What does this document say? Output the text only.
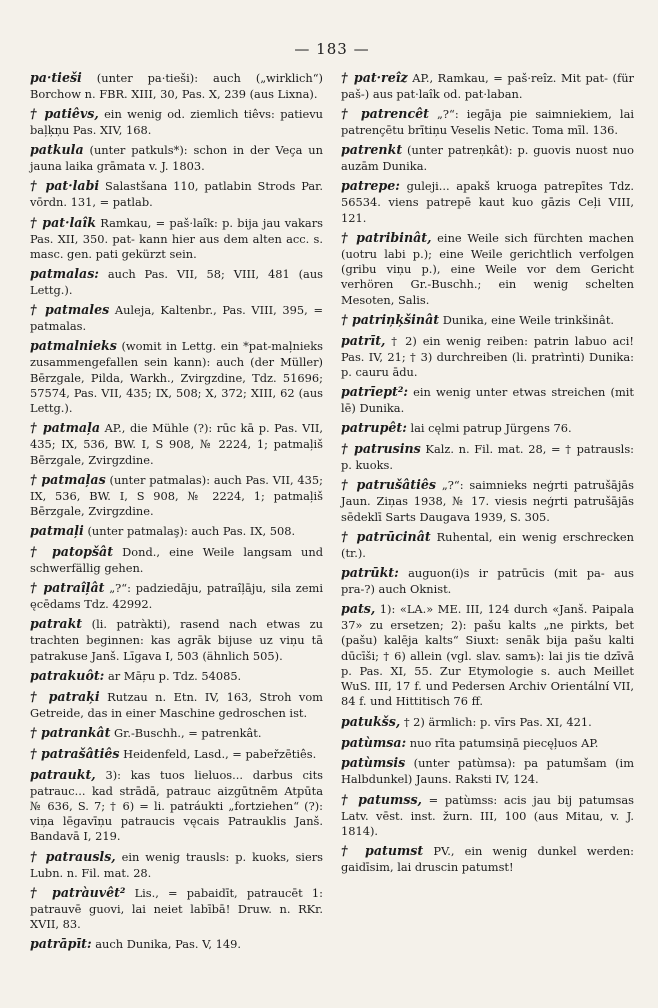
— 183 —

pa·tieši (unter pa·tieši): auch („wirklich“) Borchow n. FBR. XIII, 30, Pas. X, 239 (aus Lixna).

† patiêvs, ein wenig od. ziemlich tiêvs: patievu bal̦k̦ņu Pas. XIV, 168.

patkula (unter patkuls*): schon in der Veça un jauna laika grāmata v. J. 1803.

† pat·labi Salastšana 110, patlabin Strods Par. vōrdn. 131, = patlab.

† pat·laîk Ramkau, = paš·laîk: p. bija jau vakars Pas. XII, 350. pat- kann hier aus dem alten acc. s. masc. gen. pati gekürzt sein.

patmalas: auch Pas. VII, 58; VIII, 481 (aus Lettg.).

† patmales Auleja, Kaltenbr., Pas. VIII, 395, = patmalas.

patmalnieks (womit in Lettg. ein *pat-mal̦nieks zusammengefallen sein kann): auch (der Müller) Bērzgale, Pilda, Warkh., Zvirgzdine, Tdz. 51696; 57574, Pas. VII, 435; IX, 508; X, 372; XIII, 62 (aus Lettg.).

† patmal̦a AP., die Mühle (?): rūc kā p. Pas. VII, 435; IX, 536, BW. I, S 908, № 2224, 1; patmal̦iš Bērzgale, Zvirgzdine.

† patmal̦as (unter patmalas): auch Pas. VII, 435; IX, 536, BW. I, S 908, № 2224, 1; patmal̦iš Bērzgale, Zvirgzdine.

patmal̦i (unter patmalaş): auch Pas. IX, 508.

† patopšât Dond., eine Weile langsam und schwerfällig gehen.

† patraîl̦ât „?“: padziedāju, patraîl̦āju, sila zemi ęcēdams Tdz. 42992.

patrakt (li. patràkti), rasend nach etwas zu trachten beginnen: kas agrāk bijuse uz viņu tā patrakuse Janš. Līgava I, 503 (ähnlich 505).

patrakuôt: ar Māŗu p. Tdz. 54085.

† patraķi Rutzau n. Etn. IV, 163, Stroh vom Getreide, das in einer Maschine gedroschen ist.

† patrankât Gr.-Buschh., = patrenkât.

† patrašâtiês Heidenfeld, Lasd., = pabeřzētiês.

patraukt, 3): kas tuos lieluos... darbus cits patrauc... kad strādā, patrauc aizgūtnēm Atpūta № 636, S. 7; † 6) = li. patráukti „fortziehen“ (?): viņa lēgavīņu patraucis vęcais Patrauklis Janš. Bandavā I, 219.

† patrausls, ein wenig trausls: p. kuoks, siers Lubn. n. Fil. mat. 28.

† patràuvêt² Lis., = pabaidīt, patraucēt 1: patrauvē guovi, lai neiet labībā! Druw. n. RKr. XVII, 83.

patrāpīt: auch Dunika, Pas. V, 149.

† pat·reîz AP., Ramkau, = paš·reîz. Mit pat- (für paš-) aus pat·laîk od. pat·laban.

† patrencêt „?“: iegāja pie saimniekiem, lai patrençētu brītiņu Veselis Netic. Toma mīl. 136.

patrenkt (unter patreņkât): p. guovis nuost nuo auzām Dunika.

patrepe: guleji... apakš kruoga patrepītes Tdz. 56534. viens patrepē kaut kuo gāzis Ceļi VIII, 121.

† patribinât, eine Weile sich fürchten machen (uotru labi p.); eine Weile gerichtlich verfolgen (gribu viņu p.), eine Weile vor dem Gericht verhören Gr.-Buschh.; ein wenig schelten Mesoten, Salis.

† patriņķšinât Dunika, eine Weile trinkšinât.

patrīt, † 2) ein wenig reiben: patrin labuo aci! Pas. IV, 21; † 3) durchreiben (li. pratrìnti) Dunika: p. cauru ādu.

patrīept²: ein wenig unter etwas streichen (mit lē) Dunika.

patrupêt: lai cęlmi patrup Jürgens 76.

† patrusins Kalz. n. Fil. mat. 28, = † patrausls: p. kuoks.

† patrušâtiês „?“: saimnieks neģrti patrušājās Jaun. Ziņas 1938, № 17. viesis neģrti patrušājās sēdeklī Sarts Daugava 1939, S. 305.

† patrūcinât Ruhental, ein wenig erschrecken (tr.).

patrūkt: auguon(i)s ir patrūcis (mit pa- aus pra-?) auch Oknist.

pats, 1): «LA.» ME. III, 124 durch «Janš. Paipala 37» zu ersetzen; 2): pašu kalts „ne pirkts, bet (pašu) kalēja kalts“ Siuxt: senāk bija pašu kalti dūcīši; † 6) allein (vgl. slav. samъ): lai jis tie dzīvā p. Pas. XI, 55. Zur Etymologie s. auch Meillet WuS. III, 17 f. und Pedersen Archiv Orientální VII, 84 f. und Hittitisch 76 ff.

patukšs, † 2) ärmlich: p. vīrs Pas. XI, 421.

patùmsa: nuo rīta patumsiņā piecęļuos AP.

patùmsis (unter patùmsa): pa patumšam (im Halbdunkel) Jauns. Raksti IV, 124.

† patumss, = patùmss: acis jau bij patumsas Latv. vēst. inst. žurn. III, 100 (aus Mitau, v. J. 1814).

† patumst PV., ein wenig dunkel werden: gaidīsim, lai druscin patumst!
